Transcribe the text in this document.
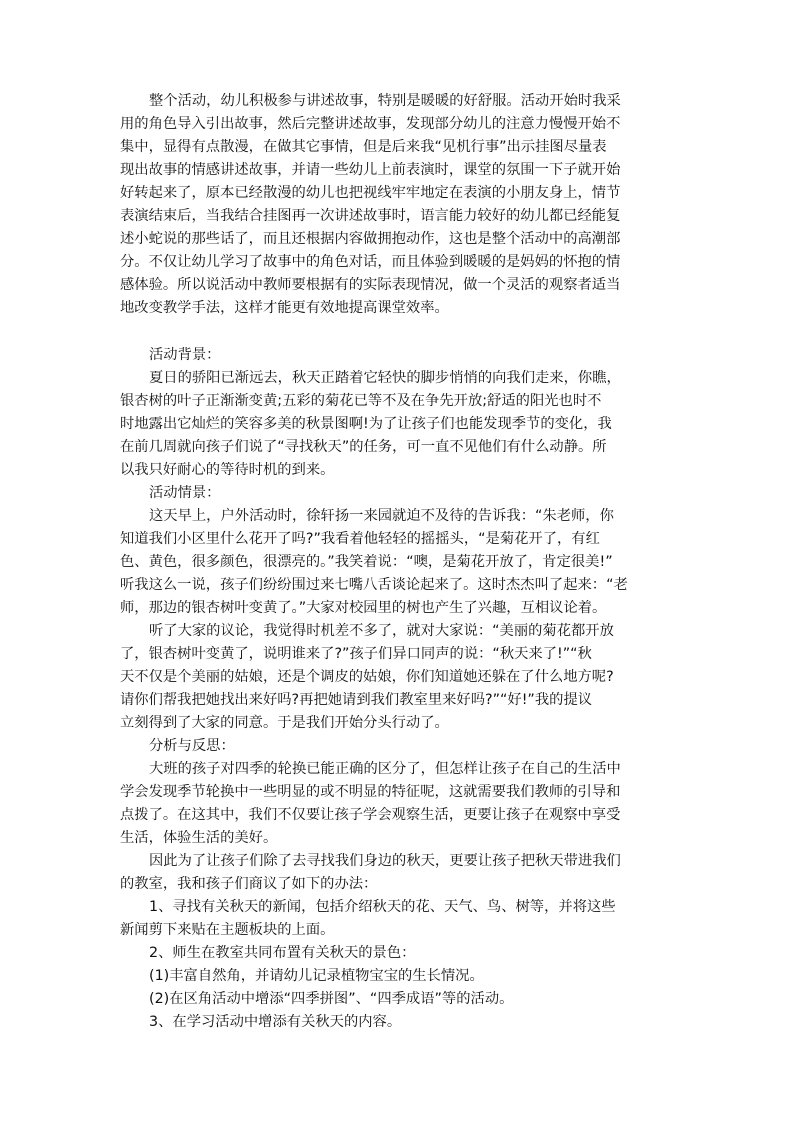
整个活动，幼儿积极参与讲述故事，特别是暖暖的好舒服。活动开始时我采
用的角色导入引出故事，然后完整讲述故事，发现部分幼儿的注意力慢慢开始不
集中，显得有点散漫，在做其它事情，但是后来我“见机行事”出示挂图尽量表
现出故事的情感讲述故事，并请一些幼儿上前表演时，课堂的氛围一下子就开始
好转起来了，原本已经散漫的幼儿也把视线牢牢地定在表演的小朋友身上，情节
表演结束后，当我结合挂图再一次讲述故事时，语言能力较好的幼儿都已经能复
述小蛇说的那些话了，而且还根据内容做拥抱动作，这也是整个活动中的高潮部
分。不仅让幼儿学习了故事中的角色对话，而且体验到暖暖的是妈妈的怀抱的情
感体验。所以说活动中教师要根据有的实际表现情况，做一个灵活的观察者适当
地改变教学手法，这样才能更有效地提高课堂效率。
活动背景：
夏日的骄阳已渐远去，秋天正踏着它轻快的脚步悄悄的向我们走来，你瞧，
银杏树的叶子正渐渐变黄;五彩的菊花已等不及在争先开放;舒适的阳光也时不
时地露出它灿烂的笑容多美的秋景图啊!为了让孩子们也能发现季节的变化，我
在前几周就向孩子们说了“寻找秋天”的任务，可一直不见他们有什么动静。所
以我只好耐心的等待时机的到来。
活动情景：
这天早上，户外活动时，徐轩扬一来园就迫不及待的告诉我：“朱老师，你
知道我们小区里什么花开了吗?”我看着他轻轻的摇摇头，“是菊花开了，有红
色、黄色，很多颜色，很漂亮的。”我笑着说：“噢，是菊花开放了，肯定很美!”
听我这么一说，孩子们纷纷围过来七嘴八舌谈论起来了。这时杰杰叫了起来：“老
师，那边的银杏树叶变黄了。”大家对校园里的树也产生了兴趣，互相议论着。
听了大家的议论，我觉得时机差不多了，就对大家说：“美丽的菊花都开放
了，银杏树叶变黄了，说明谁来了?”孩子们异口同声的说：“秋天来了!”“秋
天不仅是个美丽的姑娘，还是个调皮的姑娘，你们知道她还躲在了什么地方呢?
请你们帮我把她找出来好吗?再把她请到我们教室里来好吗?”“好!”我的提议
立刻得到了大家的同意。于是我们开始分头行动了。
分析与反思：
大班的孩子对四季的轮换已能正确的区分了，但怎样让孩子在自己的生活中
学会发现季节轮换中一些明显的或不明显的特征呢，这就需要我们教师的引导和
点拨了。在这其中，我们不仅要让孩子学会观察生活，更要让孩子在观察中享受
生活，体验生活的美好。
因此为了让孩子们除了去寻找我们身边的秋天，更要让孩子把秋天带进我们
的教室，我和孩子们商议了如下的办法：
1、寻找有关秋天的新闻，包括介绍秋天的花、天气、鸟、树等，并将这些
新闻剪下来贴在主题板块的上面。
2、师生在教室共同布置有关秋天的景色：
(1)丰富自然角，并请幼儿记录植物宝宝的生长情况。
(2)在区角活动中增添“四季拼图”、“四季成语”等的活动。
3、在学习活动中增添有关秋天的内容。
